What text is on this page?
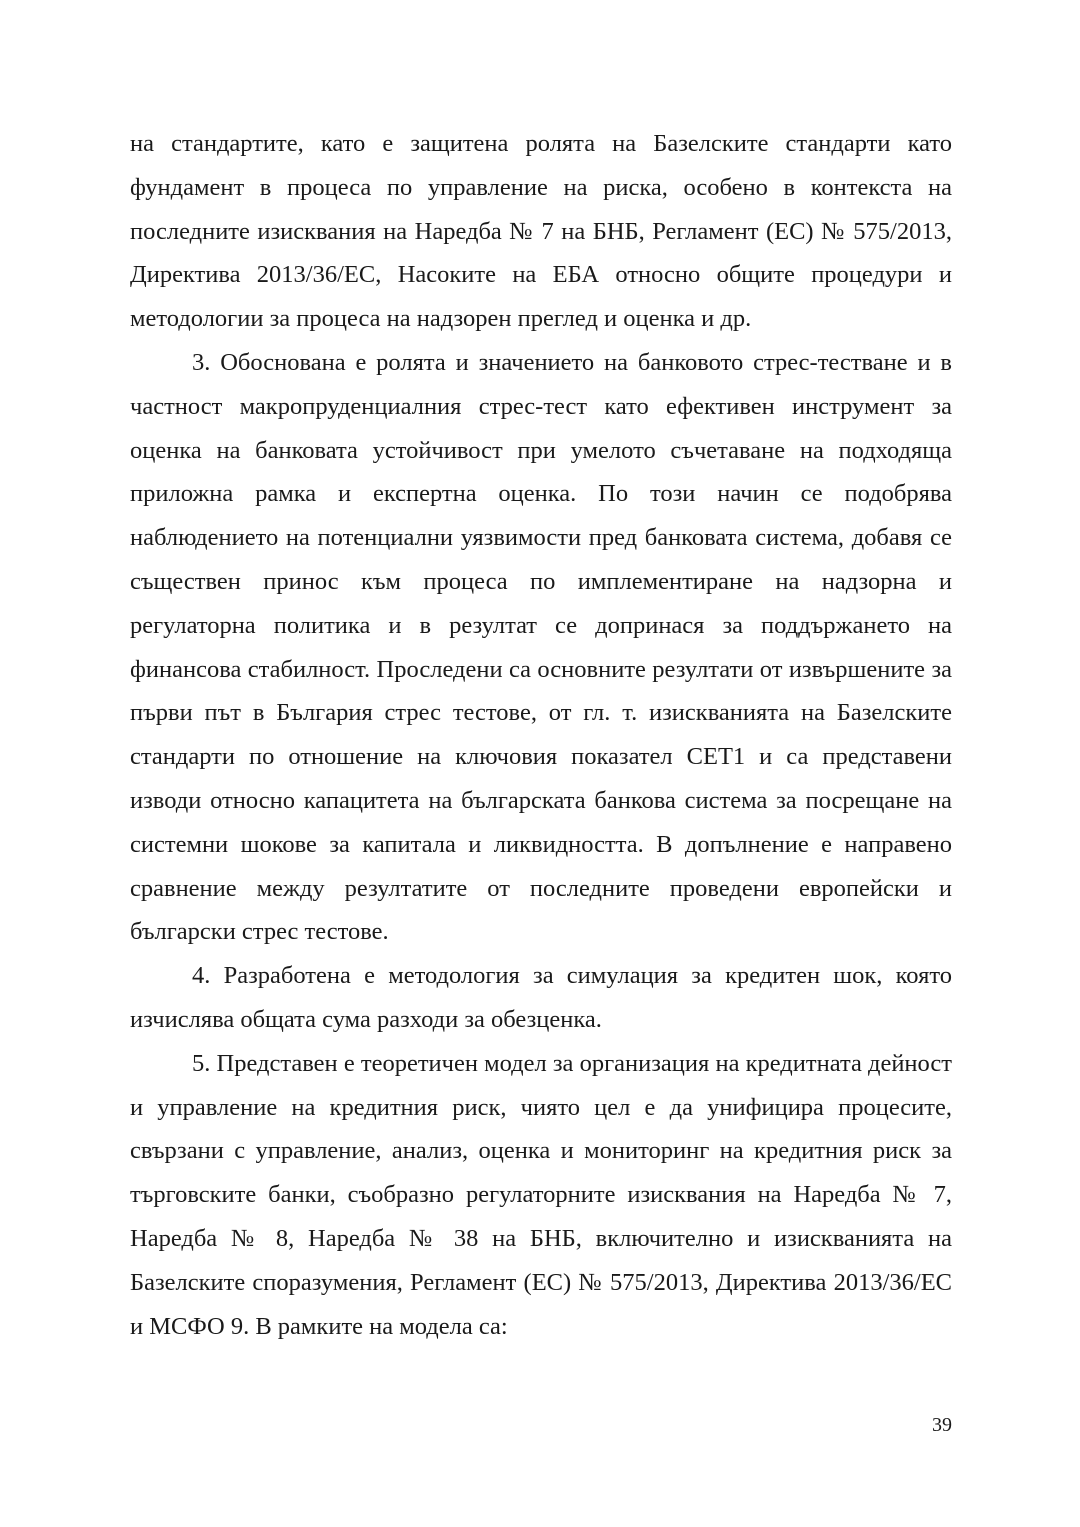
на стандартите, като е защитена ролята на Базелските стандарти като фундамент в процеса по управление на риска, особено в контекста на последните изисквания на Наредба № 7 на БНБ, Регламент (ЕС) № 575/2013, Директива 2013/36/ЕС, Насоките на ЕБА относно общите процедури и методологии за процеса на надзорен преглед и оценка и др.

3. Обоснована е ролята и значението на банковото стрес-тестване и в частност макропруденциалния стрес-тест като ефективен инструмент за оценка на банковата устойчивост при умелото съчетаване на подходяща приложна рамка и експертна оценка. По този начин се подобрява наблюдението на потенциални уязвимости пред банковата система, добавя се съществен принос към процеса по имплементиране на надзорна и регулаторна политика и в резултат се допринася за поддържането на финансова стабилност. Проследени са основните резултати от извършените за първи път в България стрес тестове, от гл. т. изискванията на Базелските стандарти по отношение на ключовия показател CET1 и са представени изводи относно капацитета на българската банкова система за посрещане на системни шокове за капитала и ликвидността. В допълнение е направено сравнение между резултатите от последните проведени европейски и български стрес тестове.

4. Разработена е методология за симулация за кредитен шок, която изчислява общата сума разходи за обезценка.

5. Представен е теоретичен модел за организация на кредитната дейност и управление на кредитния риск, чиято цел е да унифицира процесите, свързани с управление, анализ, оценка и мониторинг на кредитния риск за търговските банки, съобразно регулаторните изисквания на Наредба № 7, Наредба № 8, Наредба № 38 на БНБ, включително и изискванията на Базелските споразумения, Регламент (ЕС) № 575/2013, Директива 2013/36/ЕС и МСФО 9. В рамките на модела са:

39
